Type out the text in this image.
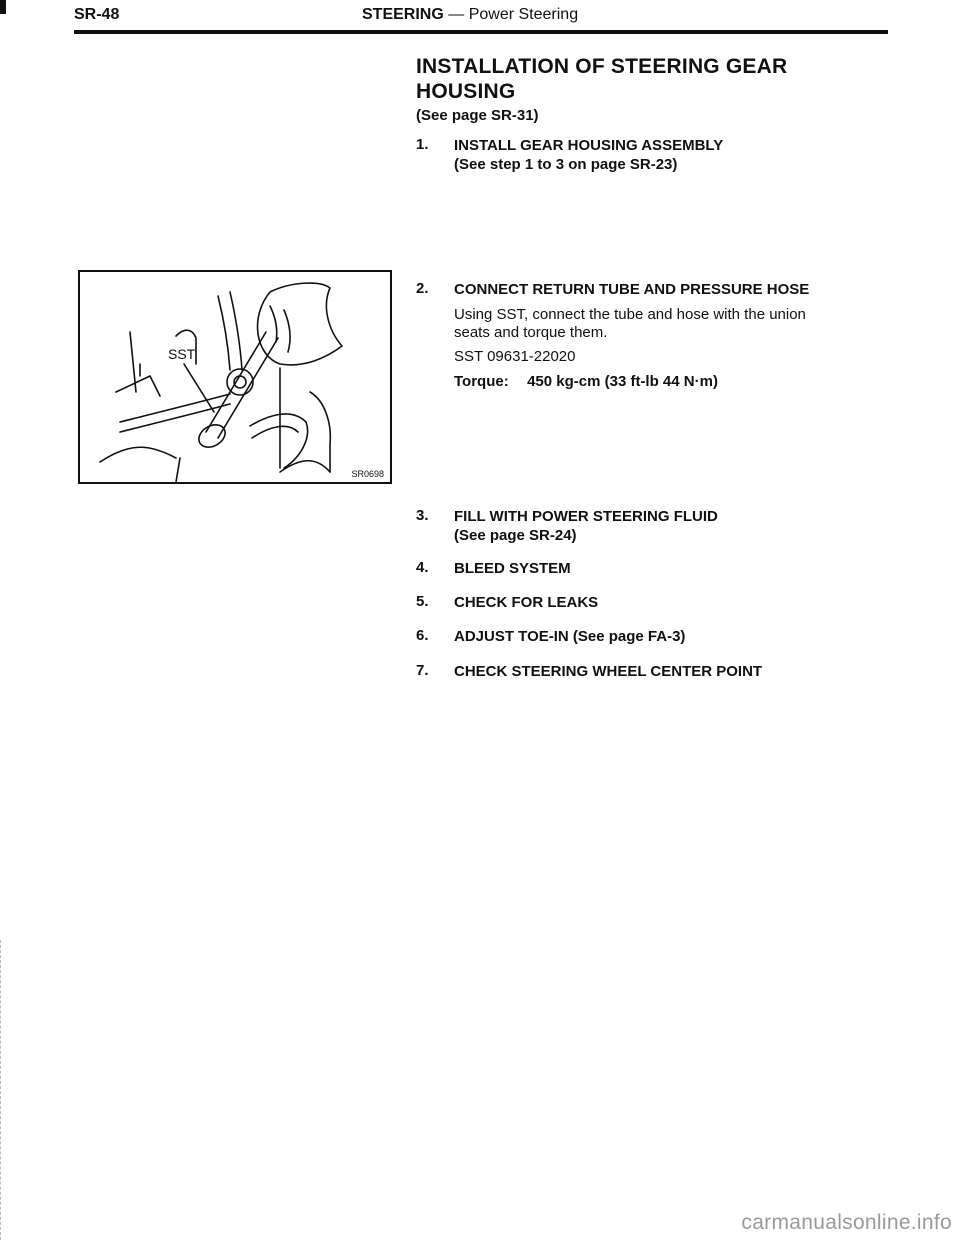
SR-48	STEERING — Power Steering
INSTALLATION OF STEERING GEAR
HOUSING
(See page SR-31)
1. INSTALL GEAR HOUSING ASSEMBLY
(See step 1 to 3 on page SR-23)
2. CONNECT RETURN TUBE AND PRESSURE HOSE
Using SST, connect the tube and hose with the union
seats and torque them.
SST 09631-22020
Torque: 450 kg-cm (33 ft-lb 44 N·m)
SST
SR0698
3. FILL WITH POWER STEERING FLUID
(See page SR-24)
4. BLEED SYSTEM
5. CHECK FOR LEAKS
6. ADJUST TOE-IN (See page FA-3)
7. CHECK STEERING WHEEL CENTER POINT
carmanualsonline.info
